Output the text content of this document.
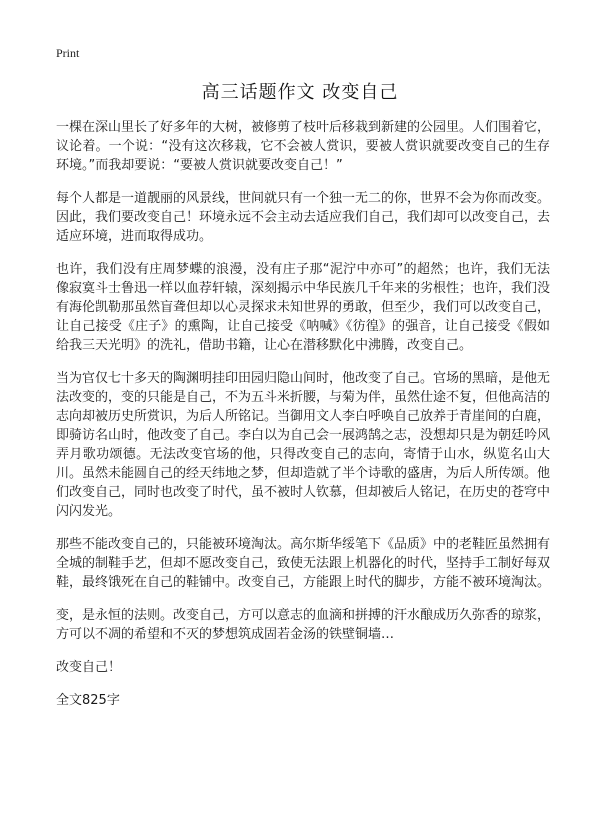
Print
高三话题作文 改变自己

一棵在深山里长了好多年的大树，被修剪了枝叶后移栽到新建的公园里。人们围着它，议论着。一个说：“没有这次移栽，它不会被人赏识，要被人赏识就要改变自己的生存环境。”而我却要说：“要被人赏识就要改变自己！”

每个人都是一道靓丽的风景线，世间就只有一个独一无二的你，世界不会为你而改变。因此，我们要改变自己！环境永远不会主动去适应我们自己，我们却可以改变自己，去适应环境，进而取得成功。

也许，我们没有庄周梦蝶的浪漫，没有庄子那“泥泞中亦可”的超然；也许，我们无法像寂寞斗士鲁迅一样以血荐轩辕，深刻揭示中华民族几千年来的劣根性；也许，我们没有海伦凯勒那虽然盲聋但却以心灵探求未知世界的勇敢，但至少，我们可以改变自己，让自己接受《庄子》的熏陶，让自己接受《呐喊》《彷徨》的强音，让自己接受《假如给我三天光明》的洗礼，借助书籍，让心在潜移默化中沸腾，改变自己。

当为官仅七十多天的陶渊明挂印田园归隐山间时，他改变了自己。官场的黑暗，是他无法改变的，变的只能是自己，不为五斗米折腰，与菊为伴，虽然仕途不复，但他高洁的志向却被历史所赏识，为后人所铭记。当御用文人李白呼唤自己放养于青崖间的白鹿，即骑访名山时，他改变了自己。李白以为自己会一展鸿鹄之志，没想却只是为朝廷吟风弄月歌功颂德。无法改变官场的他，只得改变自己的志向，寄情于山水，纵览名山大川。虽然未能圆自己的经天纬地之梦，但却造就了半个诗歌的盛唐，为后人所传颂。他们改变自己，同时也改变了时代，虽不被时人钦慕，但却被后人铭记，在历史的苍穹中闪闪发光。

那些不能改变自己的，只能被环境淘汰。高尔斯华绥笔下《品质》中的老鞋匠虽然拥有全城的制鞋手艺，但却不愿改变自己，致使无法跟上机器化的时代，坚持手工制好每双鞋，最终饿死在自己的鞋铺中。改变自己，方能跟上时代的脚步，方能不被环境淘汰。

变，是永恒的法则。改变自己，方可以意志的血滴和拼搏的汗水酿成历久弥香的琼浆，方可以不凋的希望和不灭的梦想筑成固若金汤的铁壁铜墙…

改变自己！

全文825字
